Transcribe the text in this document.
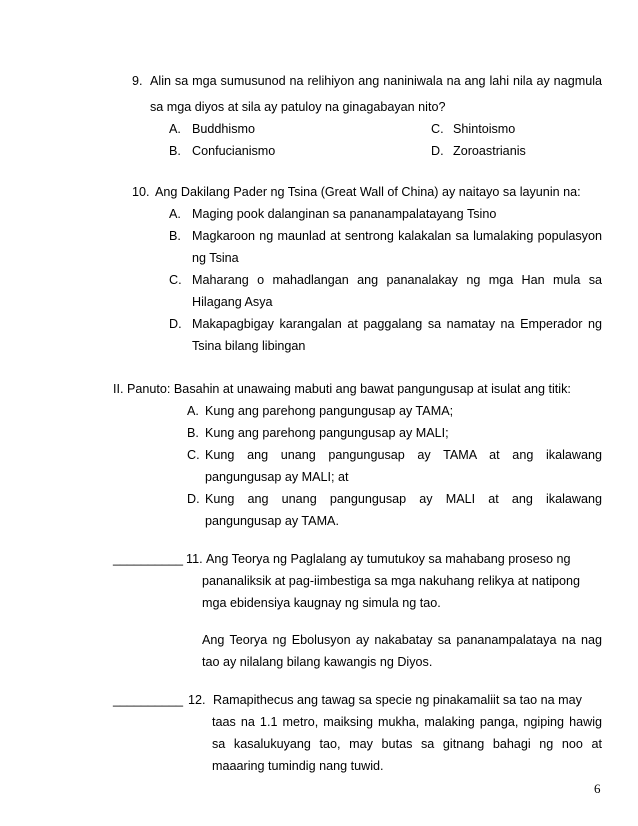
9. Alin sa mga sumusunod na relihiyon ang naniniwala na ang lahi nila ay nagmula
sa mga diyos at sila ay patuloy na ginagabayan nito?
A. Buddhismo
B. Confucianismo
C. Shintoismo
D. Zoroastrianis
10. Ang Dakilang Pader ng Tsina (Great Wall of China) ay naitayo sa layunin na:
A. Maging pook dalanginan sa pananampalatayang Tsino
B. Magkaroon ng maunlad at sentrong kalakalan sa lumalaking populasyon
ng Tsina
C. Maharang o mahadlangan ang pananalakay ng mga Han mula sa
Hilagang Asya
D. Makapagbigay karangalan at paggalang sa namatay na Emperador ng
Tsina bilang libingan
II. Panuto: Basahin at unawaing mabuti ang bawat pangungusap at isulat ang titik:
A. Kung ang parehong pangungusap ay TAMA;
B. Kung ang parehong pangungusap ay MALI;
C. Kung ang unang pangungusap ay TAMA at ang ikalawang
pangungusap ay MALI; at
D. Kung ang unang pangungusap ay MALI at ang ikalawang
pangungusap ay TAMA.
__________ 11. Ang Teorya ng Paglalang ay tumutukoy sa mahabang proseso ng
pananaliksik at pag-iimbestiga sa mga nakuhang relikya at natipong
mga ebidensiya kaugnay ng simula ng tao.
Ang Teorya ng Ebolusyon ay nakabatay sa pananampalataya na nag
tao ay nilalang bilang kawangis ng Diyos.
__________ 12. Ramapithecus ang tawag sa specie ng pinakamaliit sa tao na may
taas na 1.1 metro, maiksing mukha, malaking panga, ngiping hawig
sa kasalukuyang tao, may butas sa gitnang bahagi ng noo at
maaaring tumindig nang tuwid.
6
